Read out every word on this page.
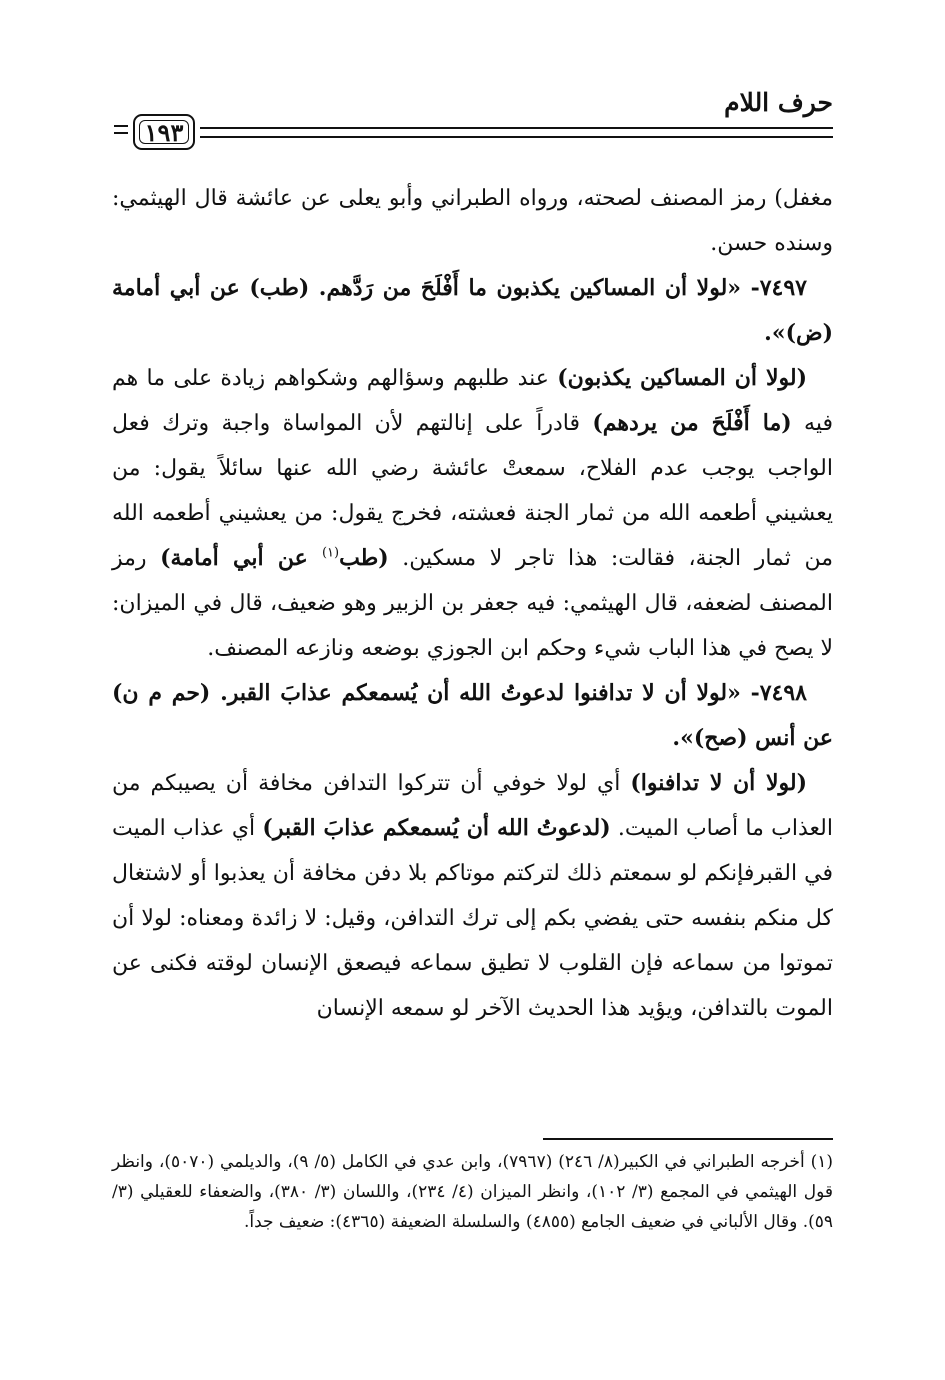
حرف اللام
١٩٣

مغفل) رمز المصنف لصحته، ورواه الطبراني وأبو يعلى عن عائشة قال الهيثمي: وسنده حسن.

٧٤٩٧- «لولا أن المساكين يكذبون ما أَفْلَحَ من رَدَّهم. (طب) عن أبي أمامة (ض)».

(لولا أن المساكين يكذبون) عند طلبهم وسؤالهم وشكواهم زيادة على ما هم فيه (ما أَفْلَحَ من يردهم) قادراً على إنالتهم لأن المواساة واجبة وترك فعل الواجب يوجب عدم الفلاح، سمعتْ عائشة رضي الله عنها سائلاً يقول: من يعشيني أطعمه الله من ثمار الجنة فعشته، فخرج يقول: من يعشيني أطعمه الله من ثمار الجنة، فقالت: هذا تاجر لا مسكين. (طب$^{(١)}$ عن أبي أمامة) رمز المصنف لضعفه، قال الهيثمي: فيه جعفر بن الزبير وهو ضعيف، قال في الميزان: لا يصح في هذا الباب شيء وحكم ابن الجوزي بوضعه ونازعه المصنف.

٧٤٩٨- «لولا أن لا تدافنوا لدعوتُ الله أن يُسمعكم عذابَ القبر. (حم م ن) عن أنس (صح)».

(لولا أن لا تدافنوا) أي لولا خوفي أن تتركوا التدافن مخافة أن يصيبكم من العذاب ما أصاب الميت. (لدعوتُ الله أن يُسمعكم عذابَ القبر) أي عذاب الميت في القبرفإنكم لو سمعتم ذلك لتركتم موتاكم بلا دفن مخافة أن يعذبوا أو لاشتغال كل منكم بنفسه حتى يفضي بكم إلى ترك التدافن، وقيل: لا زائدة ومعناه: لولا أن تموتوا من سماعه فإن القلوب لا تطيق سماعه فيصعق الإنسان لوقته فكنى عن الموت بالتدافن، ويؤيد هذا الحديث الآخر لو سمعه الإنسان

(١) أخرجه الطبراني في الكبير(٨/ ٢٤٦) (٧٩٦٧)، وابن عدي في الكامل (٥/ ٩)، والديلمي (٥٠٧٠)، وانظر قول الهيثمي في المجمع (٣/ ١٠٢)، وانظر الميزان (٤/ ٢٣٤)، واللسان (٣/ ٣٨٠)، والضعفاء للعقيلي (٣/ ٥٩). وقال الألباني في ضعيف الجامع (٤٨٥٥) والسلسلة الضعيفة (٤٣٦٥): ضعيف جداً.
